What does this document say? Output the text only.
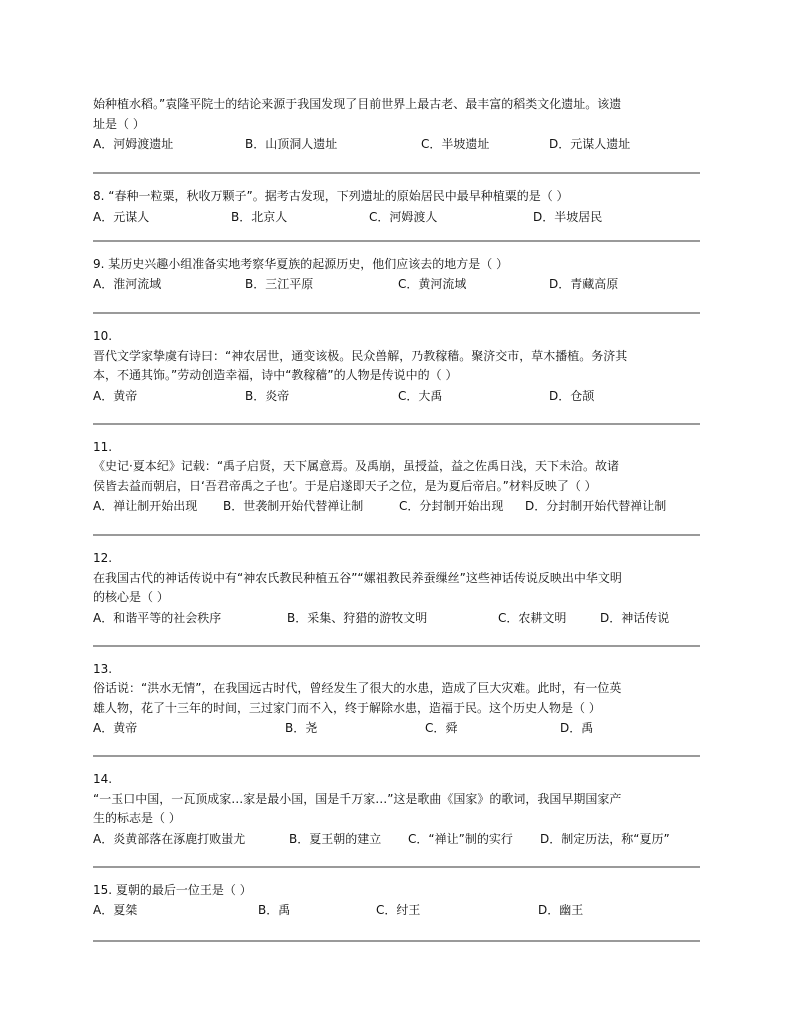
始种植水稻。”袁隆平院士的结论来源于我国发现了目前世界上最古老、最丰富的稻类文化遗址。该遗

址是（ ）

A．河姆渡遗址	B．山顶洞人遗址	C．半坡遗址	D．元谋人遗址

8. “春种一粒粟，秋收万颗子”。据考古发现，下列遗址的原始居民中最早种植粟的是（ ）

A．元谋人	B．北京人	C．河姆渡人	D．半坡居民

9. 某历史兴趣小组准备实地考察华夏族的起源历史，他们应该去的地方是（ ）

A．淮河流域	B．三江平原	C．黄河流域	D．青藏高原

10.

晋代文学家挚虞有诗曰：“神农居世，通变该极。民众兽解，乃教稼穑。聚济交市，草木播植。务济其

本，不通其饰。”劳动创造幸福，诗中“教稼穑”的人物是传说中的（ ）

A．黄帝	B．炎帝	C．大禹	D．仓颉

11.

《史记·夏本纪》记载：“禹子启贤，天下属意焉。及禹崩，虽授益，益之佐禹日浅，天下未洽。故诸

侯皆去益而朝启，日‘吾君帝禹之子也’。于是启遂即天子之位，是为夏后帝启。”材料反映了（ ）

A．禅让制开始出现 B．世袭制开始代替禅让制	C．分封制开始出现 D．分封制开始代替禅让制

12.

在我国古代的神话传说中有“神农氏教民种植五谷”“嫘祖教民养蚕缫丝”这些神话传说反映出中华文明

的核心是（ ）

A．和谐平等的社会秩序	B．采集、狩猎的游牧文明	C．农耕文明	D．神话传说

13.

俗话说：“洪水无情”，在我国远古时代，曾经发生了很大的水患，造成了巨大灾难。此时，有一位英

雄人物，花了十三年的时间，三过家门而不入，终于解除水患，造福于民。这个历史人物是（ ）

A．黄帝	B．尧	C．舜	D．禹

14.

“一玉口中国，一瓦顶成家…家是最小国，国是千万家…”这是歌曲《国家》的歌词，我国早期国家产

生的标志是（ ）

A．炎黄部落在涿鹿打败蚩尤	B．夏王朝的建立 C．“禅让”制的实行 D．制定历法，称“夏历”

15. 夏朝的最后一位王是（ ）

A．夏桀	B．禹	C．纣王	D．幽王
